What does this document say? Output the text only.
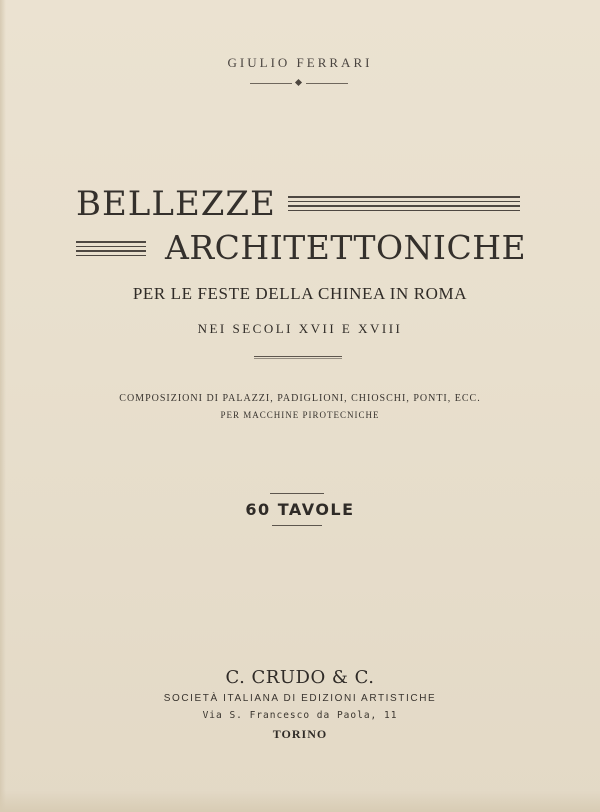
GIULIO FERRARI
BELLEZZE
ARCHITETTONICHE
PER LE FESTE DELLA CHINEA IN ROMA
NEI SECOLI XVII E XVIII
COMPOSIZIONI DI PALAZZI, PADIGLIONI, CHIOSCHI, PONTI, ECC.
PER MACCHINE PIROTECNICHE
60 TAVOLE
C. CRUDO & C.
SOCIETÀ ITALIANA DI EDIZIONI ARTISTICHE
Via S. Francesco da Paola, 11
TORINO
